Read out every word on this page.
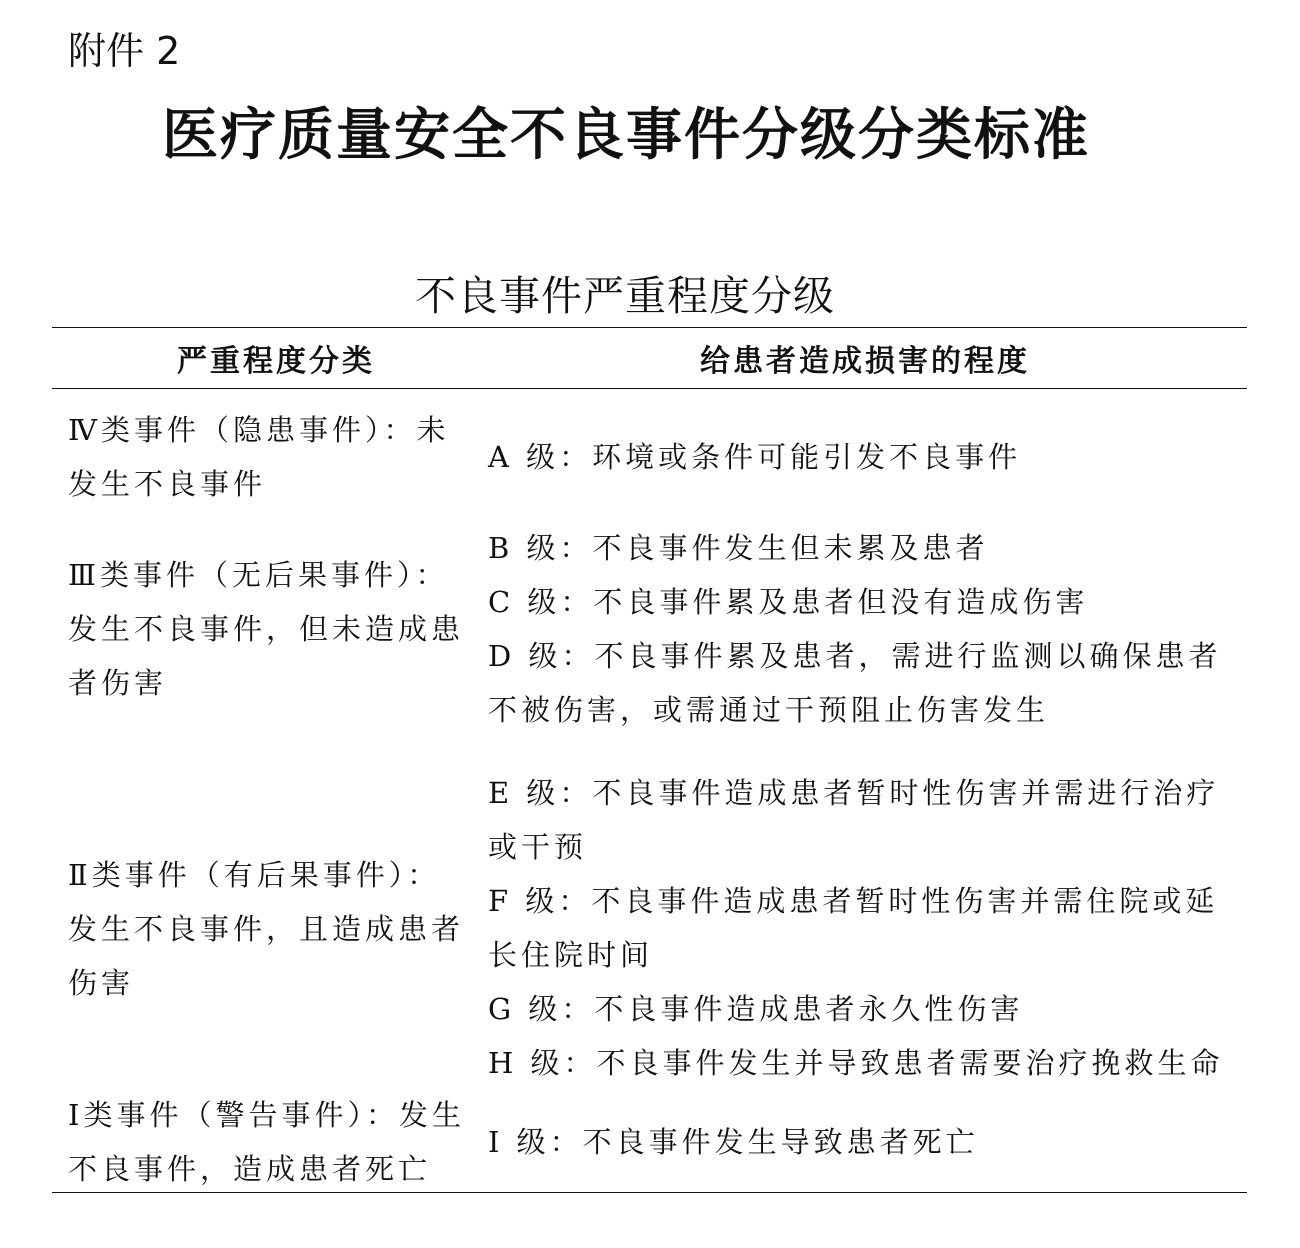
附件 2
医疗质量安全不良事件分级分类标准
不良事件严重程度分级
严重程度分类	给患者造成损害的程度
Ⅳ类事件（隐患事件）：未发生不良事件
Ⅲ类事件（无后果事件）：发生不良事件，但未造成患者伤害
Ⅱ类事件（有后果事件）：发生不良事件，且造成患者伤害
Ⅰ类事件（警告事件）：发生不良事件，造成患者死亡
A 级：环境或条件可能引发不良事件
B 级：不良事件发生但未累及患者
C 级：不良事件累及患者但没有造成伤害
D 级：不良事件累及患者，需进行监测以确保患者不被伤害，或需通过干预阻止伤害发生
E 级：不良事件造成患者暂时性伤害并需进行治疗或干预
F 级：不良事件造成患者暂时性伤害并需住院或延长住院时间
G 级：不良事件造成患者永久性伤害
H 级：不良事件发生并导致患者需要治疗挽救生命
I 级：不良事件发生导致患者死亡
